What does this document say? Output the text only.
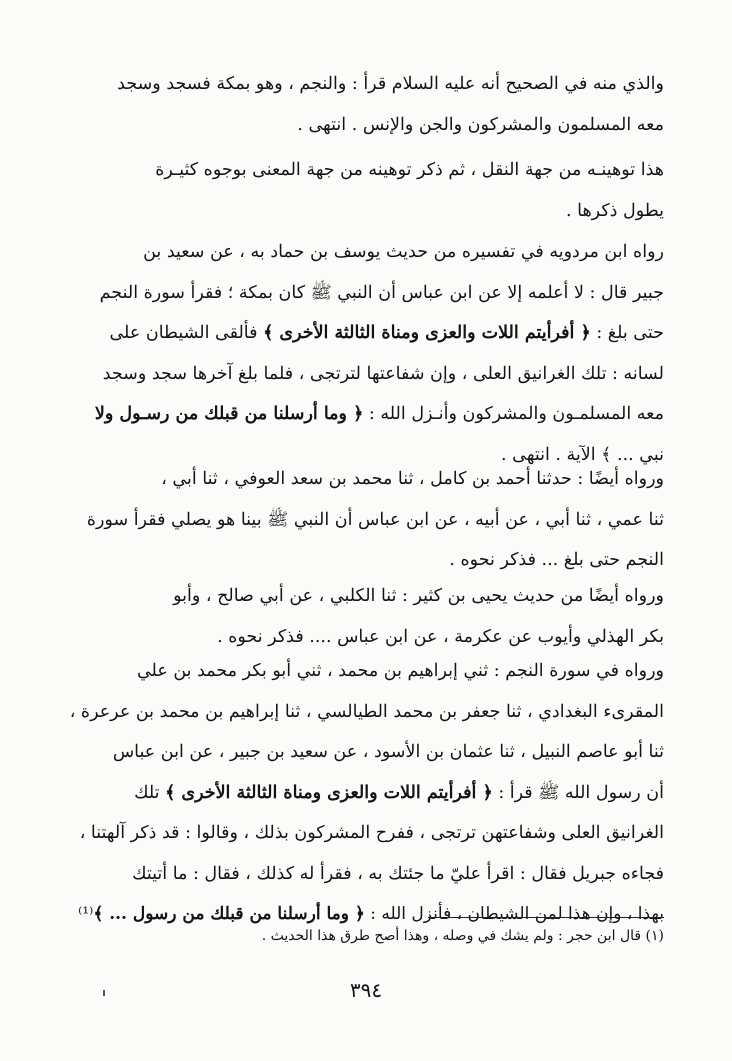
والذي منه في الصحيح أنه عليه السلام قرأ : والنجم ، وهو بمكة فسجد وسجد
معه المسلمون والمشركون والجن والإنس . انتهى .
هذا توهينـه من جهة النقل ، ثم ذكر توهينه من جهة المعنى بوجوه كثيـرة
يطول ذكرها .
رواه ابن مردويه في تفسيره من حديث يوسف بن حماد به ، عن سعيد بن
جبير قال : لا أعلمه إلا عن ابن عباس أن النبي ﷺ كان بمكة ؛ فقرأ سورة النجم
حتى بلغ : ﴿ أفرأيتم اللات والعزى ومناة الثالثة الأخرى ﴾ فألقى الشيطان على
لسانه : تلك الغرانيق العلى ، وإن شفاعتها لترتجى ، فلما بلغ آخرها سجد وسجد
معه المسلمـون والمشركون وأنـزل الله : ﴿ وما أرسلنا من قبلك من رسـول ولا
نبي ... ﴾ الآية . انتهى .
ورواه أيضًا : حدثنا أحمد بن كامل ، ثنا محمد بن سعد العوفي ، ثنا أبي ،
ثنا عمي ، ثنا أبي ، عن أبيه ، عن ابن عباس أن النبي ﷺ بينا هو يصلي فقرأ سورة
النجم حتى بلغ ... فذكر نحوه .
ورواه أيضًا من حديث يحيى بن كثير : ثنا الكلبي ، عن أبي صالح ، وأبو
بكر الهذلي وأيوب عن عكرمة ، عن ابن عباس .... فذكر نحوه .
ورواه في سورة النجم : ثني إبراهيم بن محمد ، ثني أبو بكر محمد بن علي
المقرىء البغدادي ، ثنا جعفر بن محمد الطيالسي ، ثنا إبراهيم بن محمد بن عرعرة ،
ثنا أبو عاصم النبيل ، ثنا عثمان بن الأسود ، عن سعيد بن جبير ، عن ابن عباس
أن رسول الله ﷺ قرأ : ﴿ أفرأيتم اللات والعزى ومناة الثالثة الأخرى ﴾ تلك
الغرانيق العلى وشفاعتهن ترتجى ، ففرح المشركون بذلك ، وقالوا : قد ذكر آلهتنا ،
فجاءه جبريل فقال : اقرأ عليّ ما جئتك به ، فقرأ له كذلك ، فقال : ما أتيتك
بهذا ، وإن هذا لمن الشيطان ، فأنزل الله : ﴿ وما أرسلنا من قبلك من رسول ... ﴾⁽¹⁾
(١) قال ابن حجر : ولم يشك في وصله ، وهذا أصح طرق هذا الحديث .
٣٩٤
